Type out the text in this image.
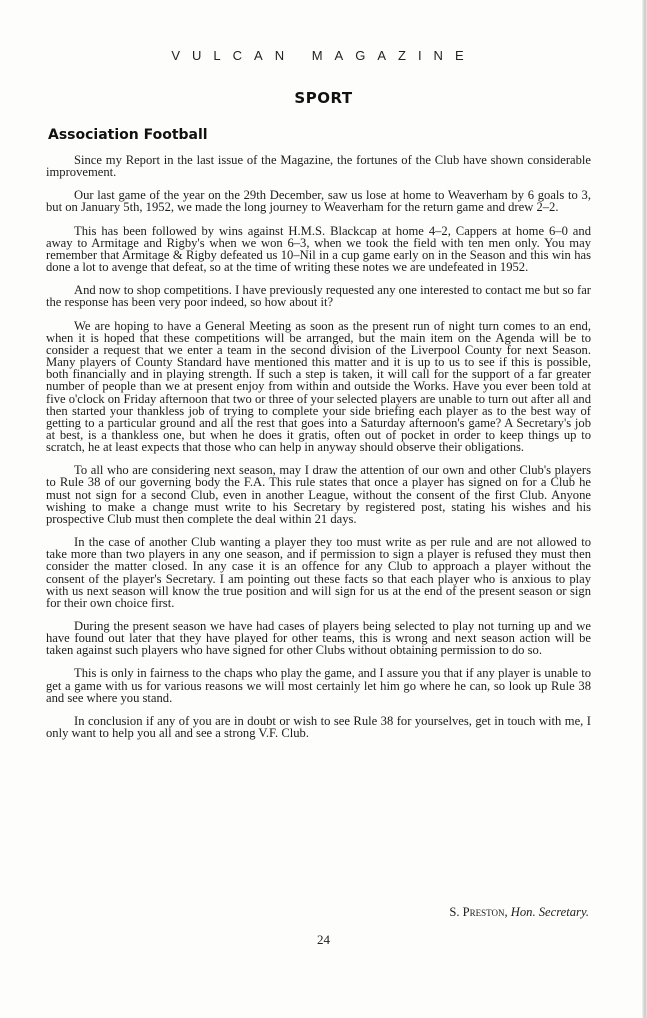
VULCAN MAGAZINE
SPORT
Association Football

Since my Report in the last issue of the Magazine, the fortunes of the Club have shown considerable improvement.

Our last game of the year on the 29th December, saw us lose at home to Weaverham by 6 goals to 3, but on January 5th, 1952, we made the long journey to Weaverham for the return game and drew 2–2.

This has been followed by wins against H.M.S. Blackcap at home 4–2, Cappers at home 6–0 and away to Armitage and Rigby's when we won 6–3, when we took the field with ten men only. You may remember that Armitage & Rigby defeated us 10–Nil in a cup game early on in the Season and this win has done a lot to avenge that defeat, so at the time of writing these notes we are undefeated in 1952.

And now to shop competitions. I have previously requested any one interested to contact me but so far the response has been very poor indeed, so how about it?

We are hoping to have a General Meeting as soon as the present run of night turn comes to an end, when it is hoped that these competitions will be arranged, but the main item on the Agenda will be to consider a request that we enter a team in the second division of the Liverpool County for next Season. Many players of County Standard have mentioned this matter and it is up to us to see if this is possible, both financially and in playing strength. If such a step is taken, it will call for the support of a far greater number of people than we at present enjoy from within and outside the Works. Have you ever been told at five o'clock on Friday afternoon that two or three of your selected players are unable to turn out after all and then started your thankless job of trying to complete your side briefing each player as to the best way of getting to a particular ground and all the rest that goes into a Saturday afternoon's game? A Secretary's job at best, is a thankless one, but when he does it gratis, often out of pocket in order to keep things up to scratch, he at least expects that those who can help in anyway should observe their obligations.

To all who are considering next season, may I draw the attention of our own and other Club's players to Rule 38 of our governing body the F.A. This rule states that once a player has signed on for a Club he must not sign for a second Club, even in another League, without the consent of the first Club. Anyone wishing to make a change must write to his Secretary by registered post, stating his wishes and his prospective Club must then complete the deal within 21 days.

In the case of another Club wanting a player they too must write as per rule and are not allowed to take more than two players in any one season, and if permission to sign a player is refused they must then consider the matter closed. In any case it is an offence for any Club to approach a player without the consent of the player's Secretary. I am pointing out these facts so that each player who is anxious to play with us next season will know the true position and will sign for us at the end of the present season or sign for their own choice first.

During the present season we have had cases of players being selected to play not turning up and we have found out later that they have played for other teams, this is wrong and next season action will be taken against such players who have signed for other Clubs without obtaining permission to do so.

This is only in fairness to the chaps who play the game, and I assure you that if any player is unable to get a game with us for various reasons we will most certainly let him go where he can, so look up Rule 38 and see where you stand.

In conclusion if any of you are in doubt or wish to see Rule 38 for yourselves, get in touch with me, I only want to help you all and see a strong V.F. Club.

S. Preston, Hon. Secretary.
24
